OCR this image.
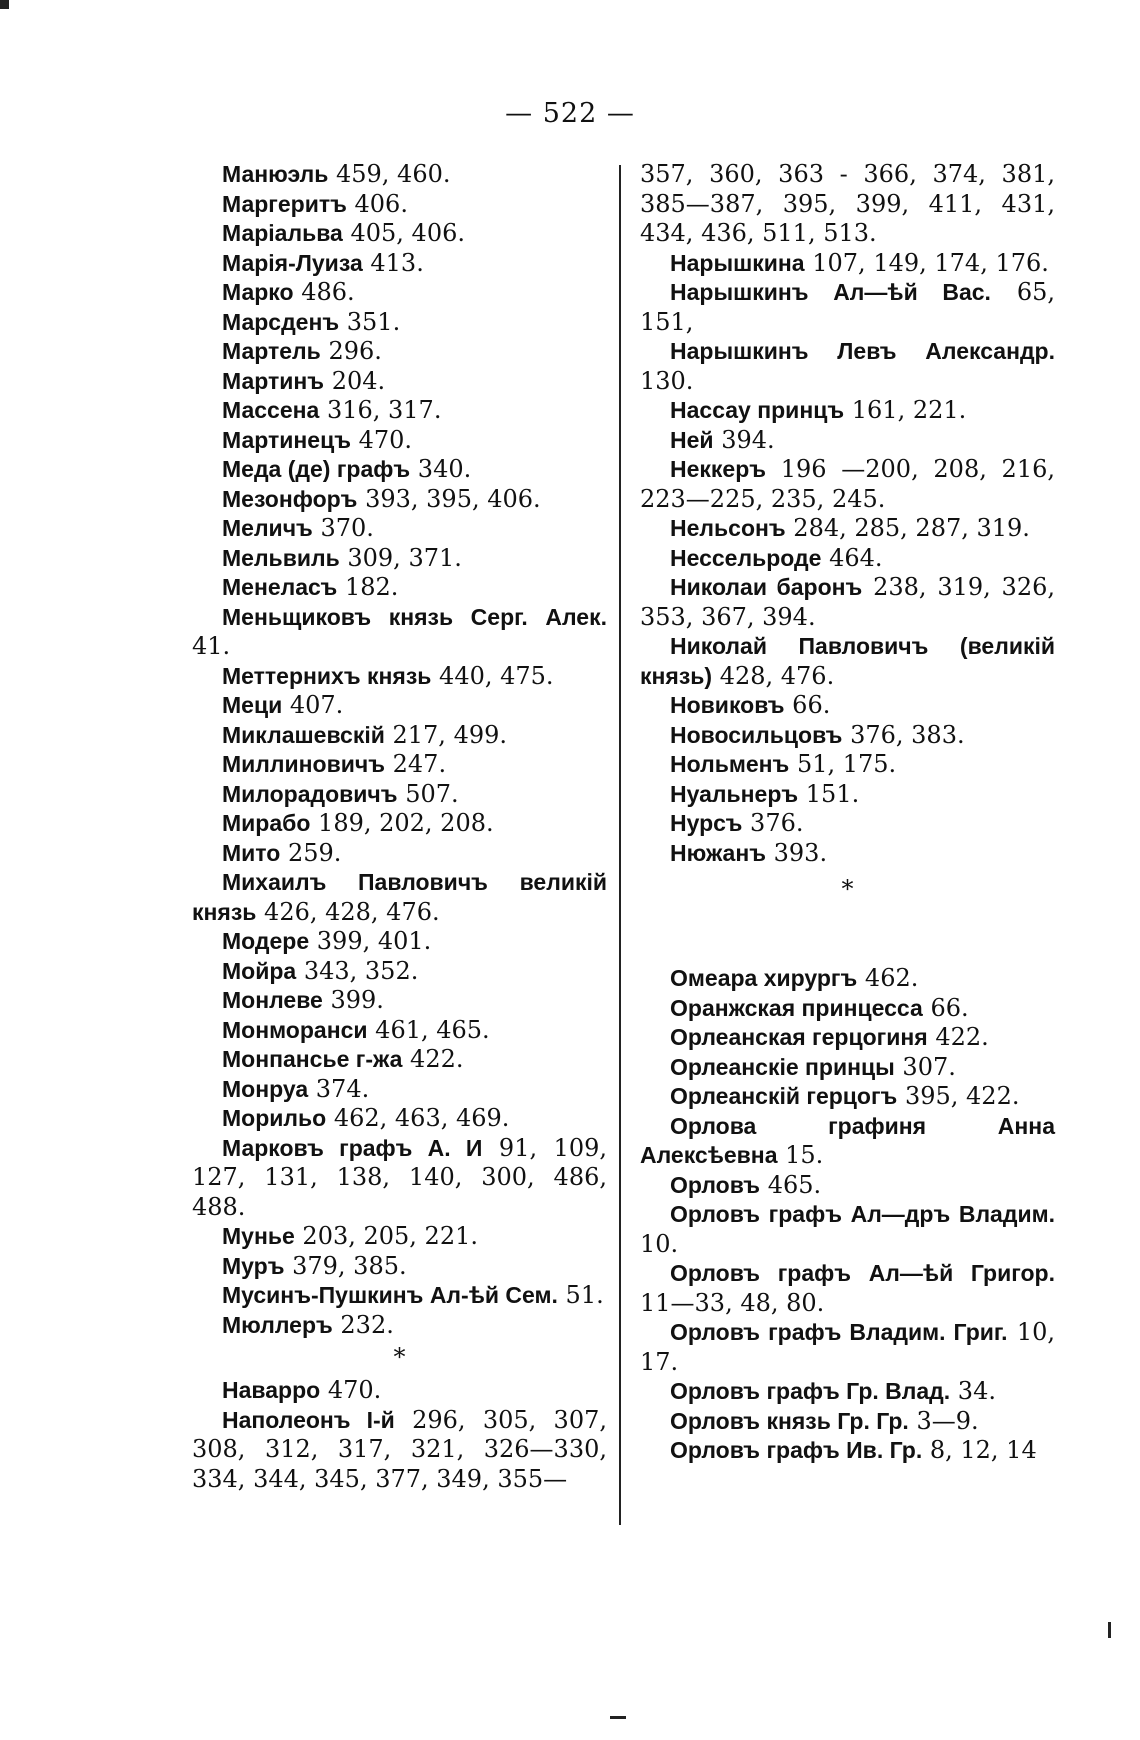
— 522 —

Манюэль 459, 460.

Маргеритъ 406.

Маріальва 405, 406.

Марія-Луиза 413.

Марко 486.

Марсденъ 351.

Мартель 296.

Мартинъ 204.

Массена 316, 317.

Мартинецъ 470.

Меда (де) графъ 340.

Мезонфоръ 393, 395, 406.

Меличъ 370.

Мельвиль 309, 371.

Менеласъ 182.

Меньщиковъ князь Серг. Алек. 41.

Меттернихъ князь 440, 475.

Меци 407.

Миклашевскій 217, 499.

Миллиновичъ 247.

Милорадовичъ 507.

Мирабо 189, 202, 208.

Мито 259.

Михаилъ Павловичъ великій князь 426, 428, 476.

Модере 399, 401.

Мойра 343, 352.

Монлеве 399.

Монморанси 461, 465.

Монпансье г-жа 422.

Монруа 374.

Морильо 462, 463, 469.

Марковъ графъ А. И 91, 109, 127, 131, 138, 140, 300, 486, 488.

Мунье 203, 205, 221.

Муръ 379, 385.

Мусинъ-Пушкинъ Ал-ѣй Сем. 51.

Мюллеръ 232.

*

Наварро 470.

Наполеонъ I-й 296, 305, 307, 308, 312, 317, 321, 326—330, 334, 344, 345, 377, 349, 355—

357, 360, 363 - 366, 374, 381, 385—387, 395, 399, 411, 431, 434, 436, 511, 513.

Нарышкина 107, 149, 174, 176.

Нарышкинъ Ал—ѣй Вас. 65, 151,

Нарышкинъ Левъ Александр. 130.

Нассау принцъ 161, 221.

Ней 394.

Неккеръ 196 —200, 208, 216, 223—225, 235, 245.

Нельсонъ 284, 285, 287, 319.

Нессельроде 464.

Николаи баронъ 238, 319, 326, 353, 367, 394.

Николай Павловичъ (великій князь) 428, 476.

Новиковъ 66.

Новосильцовъ 376, 383.

Нольменъ 51, 175.

Нуальнеръ 151.

Нурсъ 376.

Нюжанъ 393.

*

Омеара хирургъ 462.

Оранжская принцесса 66.

Орлеанская герцогиня 422.

Орлеанскіе принцы 307.

Орлеанскій герцогъ 395, 422.

Орлова графиня Анна Алексѣевна 15.

Орловъ 465.

Орловъ графъ Ал—дръ Владим. 10.

Орловъ графъ Ал—ѣй Григор. 11—33, 48, 80.

Орловъ графъ Владим. Григ. 10, 17.

Орловъ графъ Гр. Влад. 34.

Орловъ князь Гр. Гр. 3—9.

Орловъ графъ Ив. Гр. 8, 12, 14
